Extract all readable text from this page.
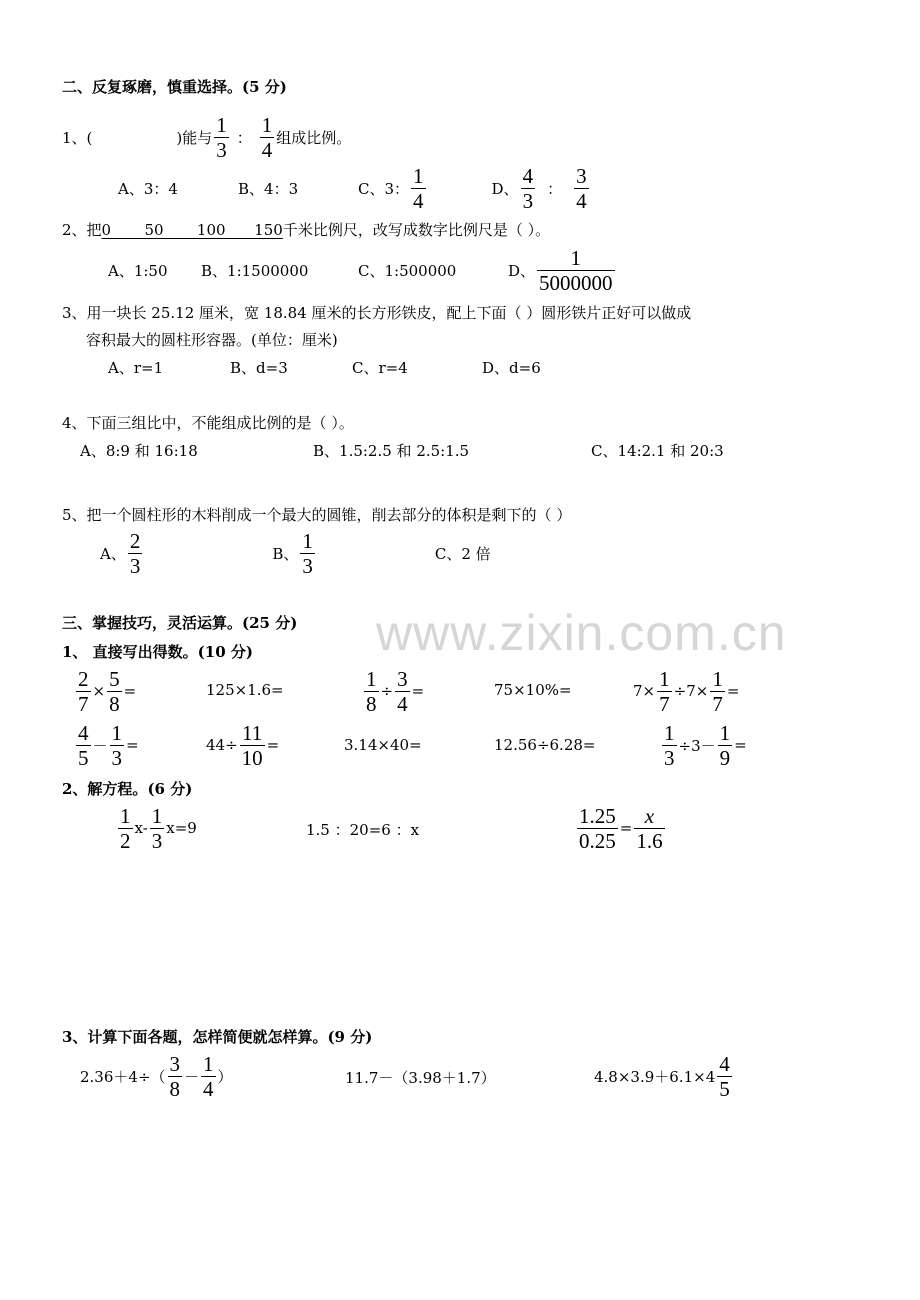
www.zixin.com.cn
二、反复琢磨，慎重选择。(5 分)
1、(	)能与 $\frac{1}{3}$ ： $\frac{1}{4}$ 组成比例。
A、3：4	B、4：3	C、3： $\frac{1}{4}$	D、 $\frac{4}{3}$ ： $\frac{3}{4}$
2、把0       50       100      150千米比例尺，改写成数字比例尺是（ ）。
A、1:50	B、1:1500000	C、1:500000	D、 $\frac{1}{5000000}$
3、用一块长 25.12 厘米，宽 18.84 厘米的长方形铁皮，配上下面（ ）圆形铁片正好可以做成
容积最大的圆柱形容器。(单位：厘米)
A、r=1	B、d=3	C、r=4	D、d=6
4、下面三组比中，不能组成比例的是（ ）。
A、8:9 和 16:18	B、1.5:2.5 和 2.5:1.5	C、14:2.1 和 20:3
5、把一个圆柱形的木料削成一个最大的圆锥，削去部分的体积是剩下的（ ）
A、 $\frac{2}{3}$	B、 $\frac{1}{3}$	C、2 倍
三、掌握技巧，灵活运算。(25 分)
1、 直接写出得数。(10 分)
$\frac{2}{7} \times \frac{5}{8}$ =	125×1.6=	$\frac{1}{8} \div \frac{3}{4}$ =	75×10%=	$7\times \frac{1}{7} \div 7\times \frac{1}{7}$ =
$\frac{4}{5} - \frac{1}{3}$ =	$44\div \frac{11}{10}$ =	3.14×40=	12.56÷6.28=	$\frac{1}{3} \div 3- \frac{1}{9}$ =
2、解方程。(6 分)
$\frac{1}{2} x- \frac{1}{3} x=9$	1.5 ：20=6 ：x	$\frac{1.25}{0.25} = \frac{x}{1.6}$
3、计算下面各题，怎样简便就怎样算。(9 分)
$2.36+4\div( \frac{3}{8} - \frac{1}{4}$ ）	11.7－（3.98＋1.7）	$4.8\times 3.9+6.1\times 4 \frac{4}{5}$
